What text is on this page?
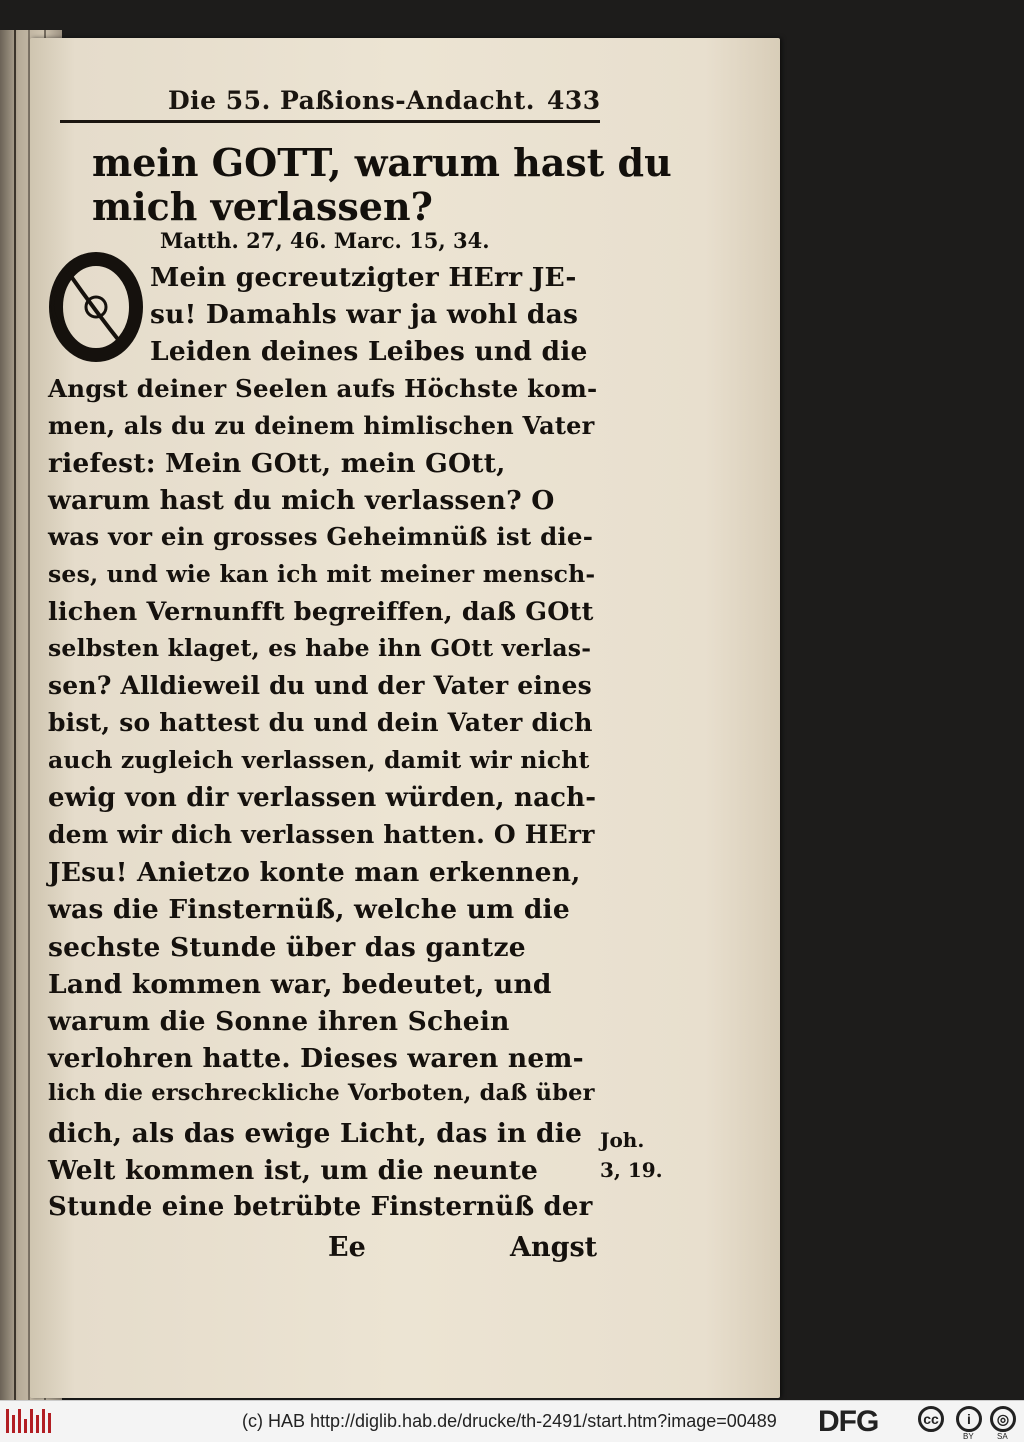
Die 55. Paßions-Andacht. 433
mein GOTT, warum hast du
mich verlassen?
Matth. 27, 46. Marc. 15, 34.
Mein gecreutzigter HErr JE-
su! Damahls war ja wohl das
Leiden deines Leibes und die
Angst deiner Seelen aufs Höchste kom-
men, als du zu deinem himlischen Vater
riefest: Mein GOtt, mein GOtt,
warum hast du mich verlassen? O
was vor ein grosses Geheimnüß ist die-
ses, und wie kan ich mit meiner mensch-
lichen Vernunfft begreiffen, daß GOtt
selbsten klaget, es habe ihn GOtt verlas-
sen? Alldieweil du und der Vater eines
bist, so hattest du und dein Vater dich
auch zugleich verlassen, damit wir nicht
ewig von dir verlassen würden, nach-
dem wir dich verlassen hatten. O HErr
JEsu! Anietzo konte man erkennen,
was die Finsternüß, welche um die
sechste Stunde über das gantze
Land kommen war, bedeutet, und
warum die Sonne ihren Schein
verlohren hatte. Dieses waren nem-
lich die erschreckliche Vorboten, daß über
dich, als das ewige Licht, das in die
Welt kommen ist, um die neunte
Stunde eine betrübte Finsternüß der
Joh.
3, 19.
Ee	Angst
(c) HAB http://diglib.hab.de/drucke/th-2491/start.htm?image=00489 DFG	cc	i
BY
◎
SA
